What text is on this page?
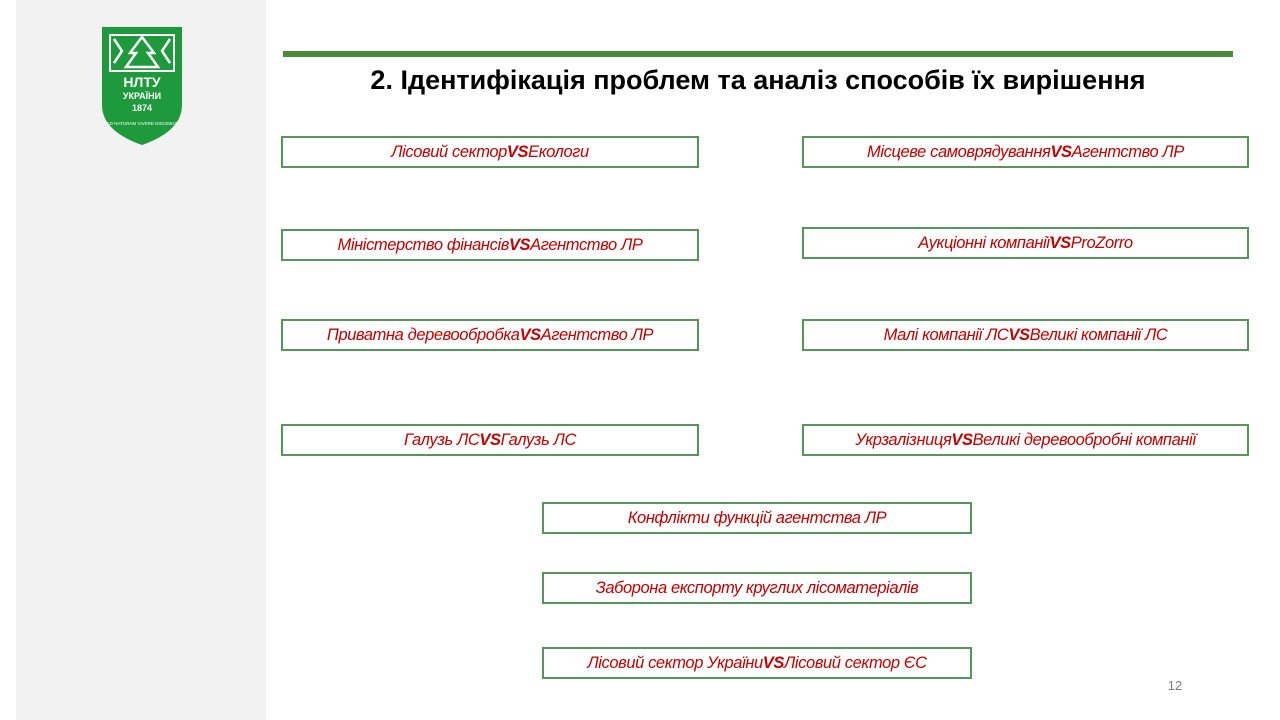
НЛТУ
УКРАЇНИ
1874
AD NATURAM VIVERE DISCIMUS
2. Ідентифікація проблем та аналіз способів їх вирішення
Лісовий сектор VS Екологи	Місцеве самоврядування VS Агентство ЛР
Міністерство фінансів VS Агентство ЛР	Аукціонні компанії VS ProZorro
Приватна деревообробка VS Агентство ЛР	Малі компанії ЛС VS Великі компанії ЛС
Галузь ЛС VS Галузь ЛС	Укрзалізниця VS Великі деревообробні компанії
Конфлікти функцій агентства ЛР
Заборона експорту круглих лісоматеріалів
Лісовий сектор України VS Лісовий сектор ЄС
12
